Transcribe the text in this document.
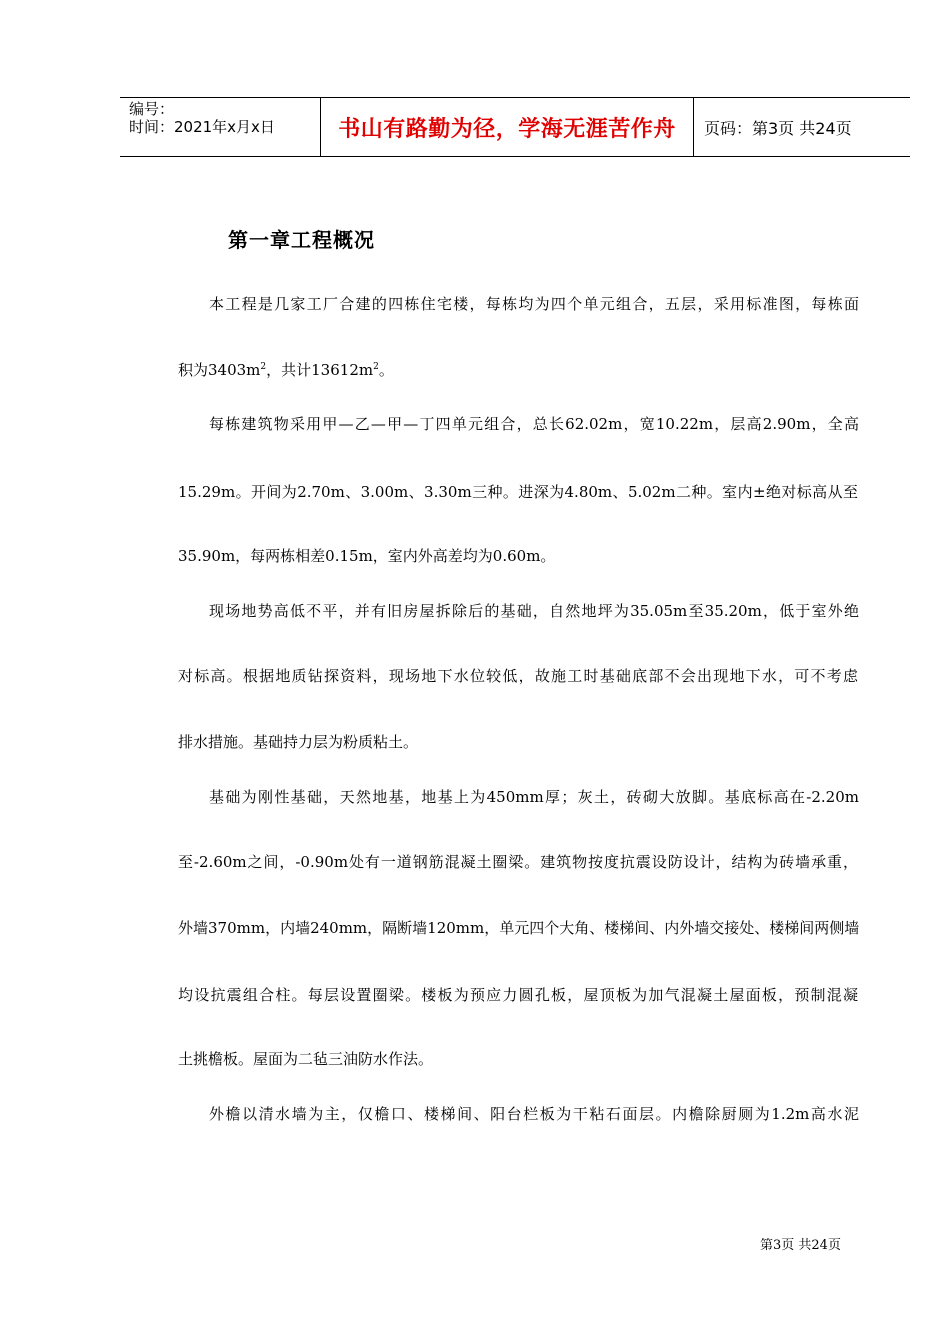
编号：
时间：2021年x月x日	书山有路勤为径，学海无涯苦作舟	页码：第3页 共24页
第一章工程概况
本工程是几家工厂合建的四栋住宅楼，每栋均为四个单元组合，五层，采用标准图，每栋面
积为$3403m^2$，共计$13612m^2$。
每栋建筑物采用甲—乙—甲—丁四单元组合，总长62.02m，宽10.22m，层高2.90m，全高
15.29m。开间为2.70m、3.00m、3.30m三种。进深为4.80m、5.02m二种。室内±绝对标高从至
35.90m，每两栋相差0.15m，室内外高差均为0.60m。
现场地势高低不平，并有旧房屋拆除后的基础，自然地坪为35.05m至35.20m，低于室外绝
对标高。根据地质钻探资料，现场地下水位较低，故施工时基础底部不会出现地下水，可不考虑
排水措施。基础持力层为粉质粘土。
基础为刚性基础，天然地基，地基上为450mm厚；灰土，砖砌大放脚。基底标高在-2.20m
至-2.60m之间，-0.90m处有一道钢筋混凝土圈梁。建筑物按度抗震设防设计，结构为砖墙承重，
外墙370mm，内墙240mm，隔断墙120mm，单元四个大角、楼梯间、内外墙交接处、楼梯间两侧墙
均设抗震组合柱。每层设置圈梁。楼板为预应力圆孔板，屋顶板为加气混凝土屋面板，预制混凝
土挑檐板。屋面为二毡三油防水作法。
外檐以清水墙为主，仅檐口、楼梯间、阳台栏板为干粘石面层。内檐除厨厕为1.2m高水泥
第3页 共24页
